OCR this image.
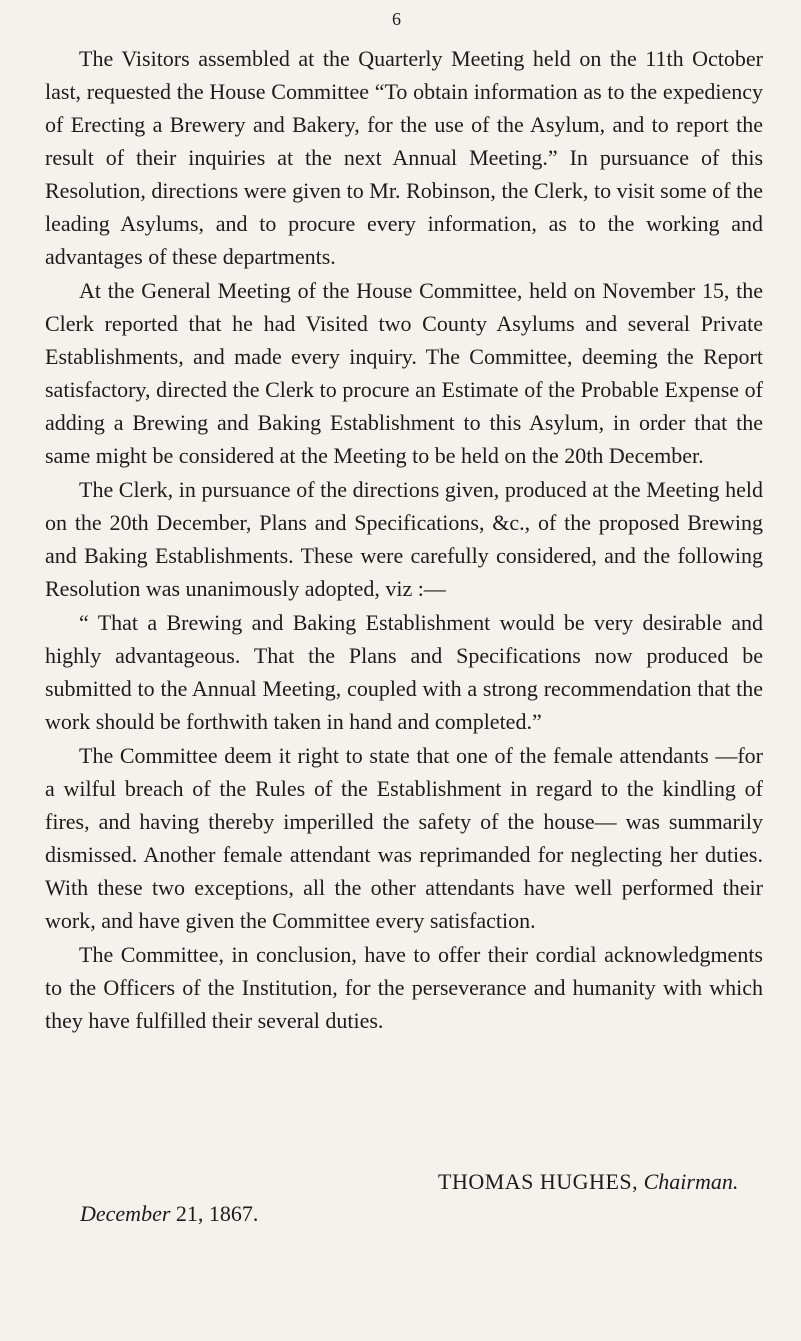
6

The Visitors assembled at the Quarterly Meeting held on the 11th October last, requested the House Committee “To obtain information as to the expediency of Erecting a Brewery and Bakery, for the use of the Asylum, and to report the result of their inquiries at the next Annual Meeting.” In pursuance of this Resolution, directions were given to Mr. Robinson, the Clerk, to visit some of the leading Asylums, and to procure every information, as to the working and advantages of these departments.

At the General Meeting of the House Committee, held on November 15, the Clerk reported that he had Visited two County Asylums and several Private Establishments, and made every inquiry. The Committee, deeming the Report satisfactory, directed the Clerk to procure an Estimate of the Probable Expense of adding a Brewing and Baking Establishment to this Asylum, in order that the same might be considered at the Meeting to be held on the 20th December.

The Clerk, in pursuance of the directions given, produced at the Meeting held on the 20th December, Plans and Specifications, &c., of the proposed Brewing and Baking Establishments. These were carefully considered, and the following Resolution was unanimously adopted, viz :—

“ That a Brewing and Baking Establishment would be very desirable and highly advantageous. That the Plans and Specifications now produced be submitted to the Annual Meeting, coupled with a strong recommendation that the work should be forthwith taken in hand and completed.”

The Committee deem it right to state that one of the female attendants —for a wilful breach of the Rules of the Establishment in regard to the kindling of fires, and having thereby imperilled the safety of the house— was summarily dismissed. Another female attendant was reprimanded for neglecting her duties. With these two exceptions, all the other attendants have well performed their work, and have given the Committee every satisfaction.

The Committee, in conclusion, have to offer their cordial acknowledgments to the Officers of the Institution, for the perseverance and humanity with which they have fulfilled their several duties.

THOMAS HUGHES, Chairman.
December 21, 1867.
